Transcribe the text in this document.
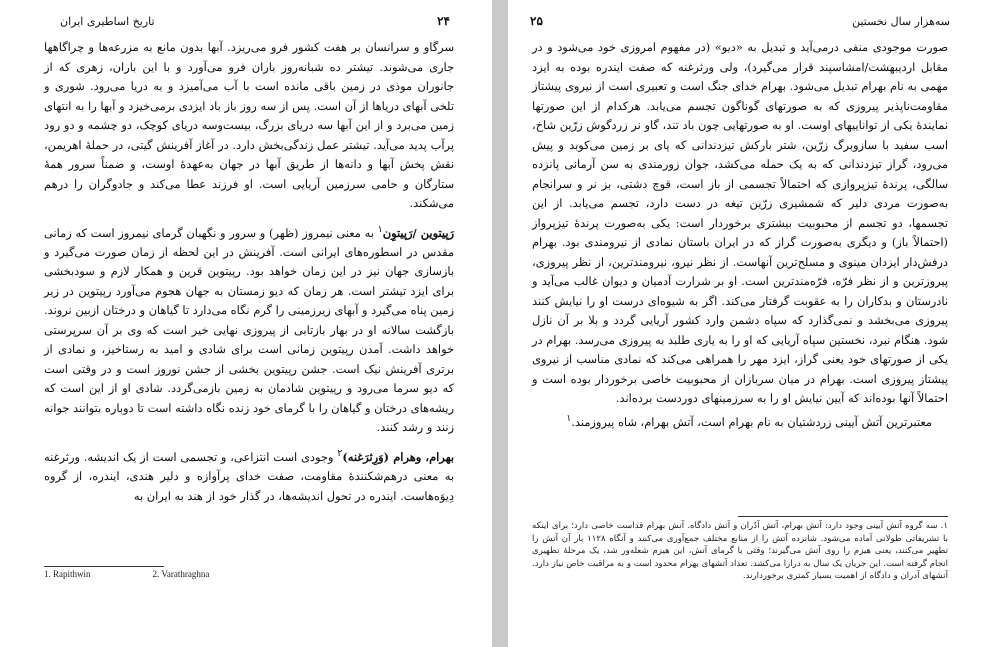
۲۴
تاریخ اساطیری ایران

سرگاو و سرانسان بر هفت کشور فرو می‌ریزد. آبها بدون مانع به مزرعه‌ها و چراگاهها جاری می‌شوند. تیشتر ده شبانه‌روز باران فرو می‌آورد و با این باران، زهری که از جانوران موذی در زمین باقی مانده است با آب می‌آمیزد و به دریا می‌رود. شوری و تلخی آبهای دریاها از آن است. پس از سه روز باز باد ایزدی برمی‌خیزد و آبها را به انتهای زمین می‌برد و از این آبها سه دریای بزرگ، بیست‌وسه دریای کوچک، دو چشمه و دو رود پرآب پدید می‌آید. تیشتر عمل زندگی‌بخش دارد. در آغاز آفرینش گیتی، در حملهٔ اهریمن، نقش پخش آبها و دانه‌ها از طریق آبها در جهان به‌عهدهٔ اوست، و ضمناً سرور همهٔ ستارگان و حامی سرزمین آریایی است. او فرزند عطا می‌کند و جادوگران را درهم می‌شکند.

رَپیتوین /رَپیتوِن$^۱$ به معنی نیمروز (ظهر) و سرور و نگهبان گرمای نیمروز است که زمانی مقدس در اسطوره‌های ایرانی است. آفرینش در این لحظه از زمان صورت می‌گیرد و بازسازی جهان نیز در این زمان خواهد بود. رپیتوین قرین و همکار لازم و سودبخشی برای ایزد تیشتر است. هر زمان که دیو زمستان به جهان هجوم می‌آورد رپیتوین در زیر زمین پناه می‌گیرد و آبهای زیرزمینی را گرم نگاه می‌دارد تا گیاهان و درختان ازبین نروند. بازگشت سالانه او در بهار بازتابی از پیروزی نهایی خیر است که وی بر آن سرپرستی خواهد داشت. آمدن رپیتوین زمانی است برای شادی و امید به رستاخیز، و نمادی از برتری آفرینش نیک است. جشن رپیتوین بخشی از جشن نوروز است و در وقتی است که دیو سرما می‌رود و رپیتوین شادمان به زمین بازمی‌گردد. شادی او از این است که ریشه‌های درختان و گیاهان را با گرمای خود زنده نگاه داشته است تا دوباره بتوانند جوانه زنند و رشد کنند.

بهرام، وهرام (وَرِثرَغنه)$^۲$ وجودی است انتزاعی، و تجسمی است از یک اندیشه. ورثرغنه به معنی درهم‌شکنندهٔ مقاومت، صفت خدای پرآوازه و دلیر هندی، ایندره، از گروه دِیوَه‌هاست. ایندره در تحول اندیشه‌ها، در گذار خود از هند به ایران به

1. Rapithwin	2. Varathraghna
سه‌هزار سال نخستین
۲۵

صورت موجودی منفی درمی‌آید و تبدیل به «دیو» (در مفهوم امروزی خود می‌شود و در مقابل اردیبهشت/امشاسپند قرار می‌گیرد)، ولی ورثرغنه که صفت ایندره بوده به ایزد مهمی به نام بهرام تبدیل می‌شود. بهرام خدای جنگ است و تعبیری است از نیروی پیشتاز مقاومت‌ناپذیر پیروزی که به صورتهای گوناگون تجسم می‌یابد. هرکدام از این صورتها نمایندهٔ یکی از تواناییهای اوست. او به صورتهایی چون باد تند، گاو نر زردگوش زرّین شاخ، اسب سفید با سازوبرگ زرّین، شتر بارکش تیزدندانی که پای بر زمین می‌کوبد و پیش می‌رود، گراز تیزدندانی که به یک حمله می‌کشد، جوان زورمندی به سن آرمانی پانزده سالگی، پرندهٔ تیزپروازی که احتمالاً تجسمی از باز است، قوچ دشتی، بز نر و سرانجام به‌صورت مردی دلیر که شمشیری زرّین تیغه در دست دارد، تجسم می‌یابد. از این تجسمها، دو تجسم از محبوبیت بیشتری برخوردار است: یکی به‌صورت پرندهٔ تیزپرواز (احتمالاً باز) و دیگری به‌صورت گراز که در ایران باستان نمادی از نیرومندی بود. بهرام درفش‌دار ایزدان مینوی و مسلح‌ترین آنهاست. از نظر نیرو، نیرومندترین، از نظر پیروزی، پیروزترین و از نظر فرّه، فرّه‌مندترین است. او بر شرارت آدمیان و دیوان غالب می‌آید و نادرستان و بدکاران را به عقوبت گرفتار می‌کند. اگر به شیوه‌ای درست او را نیایش کنند پیروزی می‌بخشد و نمی‌گذارد که سپاه دشمن وارد کشور آریایی گردد و بلا بر آن نازل شود. هنگام نبرد، نخستین سپاه آریایی که او را به یاری طلبد به پیروزی می‌رسد. بهرام در یکی از صورتهای خود یعنی گراز، ایزد مهر را همراهی می‌کند که نمادی مناسب از نیروی پیشتاز پیروزی است. بهرام در میان سربازان از محبوبیت خاصی برخوردار بوده است و احتمالاً آنها بوده‌اند که آیین نیایش او را به سرزمینهای دوردست برده‌اند.

معتبرترین آتش آیینی زردشتیان به نام بهرام است، آتش بهرام، شاه پیروزمند.$^۱$

۱. سه گروه آتش آیینی وجود دارد: آتش بهرام، آتش آدُران و آتش دادگاه. آتش بهرام قداست خاصی دارد؛ برای اینکه با تشریفاتی طولانی آماده می‌شود. شانزده آتش را از منابع مختلف جمع‌آوری می‌کنند و آنگاه ۱۱۲۸ بار آن آتش را تطهیر می‌کنند، یعنی هیزم را روی آتش می‌گیرند؛ وقتی با گرمای آتش، این هیزم شعله‌ور شد، یک مرحلهٔ تطهیری انجام گرفته است. این جریان یک سال به درازا می‌کشد. تعداد آتشهای بهرام محدود است و به مراقبت خاص نیاز دارد. آتشهای آدران و دادگاه از اهمیت بسیار کمتری برخوردارند.
